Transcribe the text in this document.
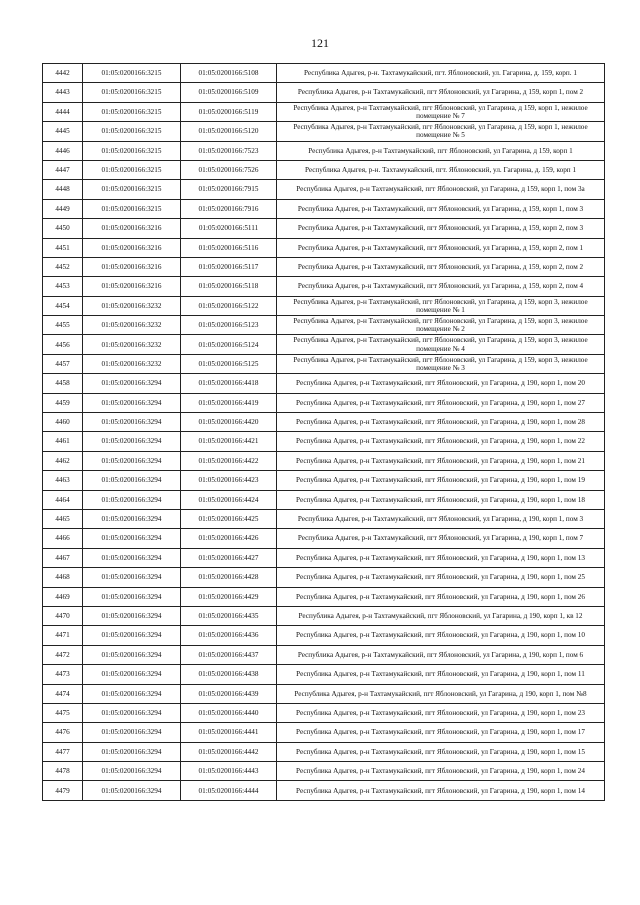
121
4442	01:05:0200166:3215	01:05:0200166:5108	Республика Адыгея, р-н. Тахтамукайский, пгт. Яблоновский, ул. Гагарина, д. 159, корп. 1
4443	01:05:0200166:3215	01:05:0200166:5109	Республика Адыгея, р-н Тахтамукайский, пгт Яблоновский, ул Гагарина, д 159, корп 1, пом 2
4444	01:05:0200166:3215	01:05:0200166:5119	Республика Адыгея, р-н Тахтамукайский, пгт Яблоновский, ул Гагарина, д 159, корп 1, нежилое помещение № 7
4445	01:05:0200166:3215	01:05:0200166:5120	Республика Адыгея, р-н Тахтамукайский, пгт Яблоновский, ул Гагарина, д 159, корп 1, нежилое помещение № 5
4446	01:05:0200166:3215	01:05:0200166:7523	Республика Адыгея, р-н Тахтамукайский, пгт Яблоновский, ул Гагарина, д 159, корп 1
4447	01:05:0200166:3215	01:05:0200166:7526	Республика Адыгея, р-н. Тахтамукайский, пгт. Яблоновский, ул. Гагарина, д. 159, корп 1
4448	01:05:0200166:3215	01:05:0200166:7915	Республика Адыгея, р-н Тахтамукайский, пгт Яблоновский, ул Гагарина, д 159, корп 1, пом 3а
4449	01:05:0200166:3215	01:05:0200166:7916	Республика Адыгея, р-н Тахтамукайский, пгт Яблоновский, ул Гагарина, д 159, корп 1, пом 3
4450	01:05:0200166:3216	01:05:0200166:5111	Республика Адыгея, р-н Тахтамукайский, пгт Яблоновский, ул Гагарина, д 159, корп 2, пом 3
4451	01:05:0200166:3216	01:05:0200166:5116	Республика Адыгея, р-н Тахтамукайский, пгт Яблоновский, ул Гагарина, д 159, корп 2, пом 1
4452	01:05:0200166:3216	01:05:0200166:5117	Республика Адыгея, р-н Тахтамукайский, пгт Яблоновский, ул Гагарина, д 159, корп 2, пом 2
4453	01:05:0200166:3216	01:05:0200166:5118	Республика Адыгея, р-н Тахтамукайский, пгт Яблоновский, ул Гагарина, д 159, корп 2, пом 4
4454	01:05:0200166:3232	01:05:0200166:5122	Республика Адыгея, р-н Тахтамукайский, пгт Яблоновский, ул Гагарина, д 159, корп 3, нежилое помещение № 1
4455	01:05:0200166:3232	01:05:0200166:5123	Республика Адыгея, р-н Тахтамукайский, пгт Яблоновский, ул Гагарина, д 159, корп 3, нежилое помещение № 2
4456	01:05:0200166:3232	01:05:0200166:5124	Республика Адыгея, р-н Тахтамукайский, пгт Яблоновский, ул Гагарина, д 159, корп 3, нежилое помещение № 4
4457	01:05:0200166:3232	01:05:0200166:5125	Республика Адыгея, р-н Тахтамукайский, пгт Яблоновский, ул Гагарина, д 159, корп 3, нежилое помещение № 3
4458	01:05:0200166:3294	01:05:0200166:4418	Республика Адыгея, р-н Тахтамукайский, пгт Яблоновский, ул Гагарина, д 190, корп 1, пом 20
4459	01:05:0200166:3294	01:05:0200166:4419	Республика Адыгея, р-н Тахтамукайский, пгт Яблоновский, ул Гагарина, д 190, корп 1, пом 27
4460	01:05:0200166:3294	01:05:0200166:4420	Республика Адыгея, р-н Тахтамукайский, пгт Яблоновский, ул Гагарина, д 190, корп 1, пом 28
4461	01:05:0200166:3294	01:05:0200166:4421	Республика Адыгея, р-н Тахтамукайский, пгт Яблоновский, ул Гагарина, д 190, корп 1, пом 22
4462	01:05:0200166:3294	01:05:0200166:4422	Республика Адыгея, р-н Тахтамукайский, пгт Яблоновский, ул Гагарина, д 190, корп 1, пом 21
4463	01:05:0200166:3294	01:05:0200166:4423	Республика Адыгея, р-н Тахтамукайский, пгт Яблоновский, ул Гагарина, д 190, корп 1, пом 19
4464	01:05:0200166:3294	01:05:0200166:4424	Республика Адыгея, р-н Тахтамукайский, пгт Яблоновский, ул Гагарина, д 190, корп 1, пом 18
4465	01:05:0200166:3294	01:05:0200166:4425	Республика Адыгея, р-н Тахтамукайский, пгт Яблоновский, ул Гагарина, д 190, корп 1, пом 3
4466	01:05:0200166:3294	01:05:0200166:4426	Республика Адыгея, р-н Тахтамукайский, пгт Яблоновский, ул Гагарина, д 190, корп 1, пом 7
4467	01:05:0200166:3294	01:05:0200166:4427	Республика Адыгея, р-н Тахтамукайский, пгт Яблоновский, ул Гагарина, д 190, корп 1, пом 13
4468	01:05:0200166:3294	01:05:0200166:4428	Республика Адыгея, р-н Тахтамукайский, пгт Яблоновский, ул Гагарина, д 190, корп 1, пом 25
4469	01:05:0200166:3294	01:05:0200166:4429	Республика Адыгея, р-н Тахтамукайский, пгт Яблоновский, ул Гагарина, д 190, корп 1, пом 26
4470	01:05:0200166:3294	01:05:0200166:4435	Республика Адыгея, р-н Тахтамукайский, пгт Яблоновский, ул Гагарина, д 190, корп 1, кв 12
4471	01:05:0200166:3294	01:05:0200166:4436	Республика Адыгея, р-н Тахтамукайский, пгт Яблоновский, ул Гагарина, д 190, корп 1, пом 10
4472	01:05:0200166:3294	01:05:0200166:4437	Республика Адыгея, р-н Тахтамукайский, пгт Яблоновский, ул Гагарина, д 190, корп 1, пом 6
4473	01:05:0200166:3294	01:05:0200166:4438	Республика Адыгея, р-н Тахтамукайский, пгт Яблоновский, ул Гагарина, д 190, корп 1, пом 11
4474	01:05:0200166:3294	01:05:0200166:4439	Республика Адыгея, р-н Тахтамукайский, пгт Яблоновский, ул Гагарина, д 190, корп 1, пом №8
4475	01:05:0200166:3294	01:05:0200166:4440	Республика Адыгея, р-н Тахтамукайский, пгт Яблоновский, ул Гагарина, д 190, корп 1, пом 23
4476	01:05:0200166:3294	01:05:0200166:4441	Республика Адыгея, р-н Тахтамукайский, пгт Яблоновский, ул Гагарина, д 190, корп 1, пом 17
4477	01:05:0200166:3294	01:05:0200166:4442	Республика Адыгея, р-н Тахтамукайский, пгт Яблоновский, ул Гагарина, д 190, корп 1, пом 15
4478	01:05:0200166:3294	01:05:0200166:4443	Республика Адыгея, р-н Тахтамукайский, пгт Яблоновский, ул Гагарина, д 190, корп 1, пом 24
4479	01:05:0200166:3294	01:05:0200166:4444	Республика Адыгея, р-н Тахтамукайский, пгт Яблоновский, ул Гагарина, д 190, корп 1, пом 14
